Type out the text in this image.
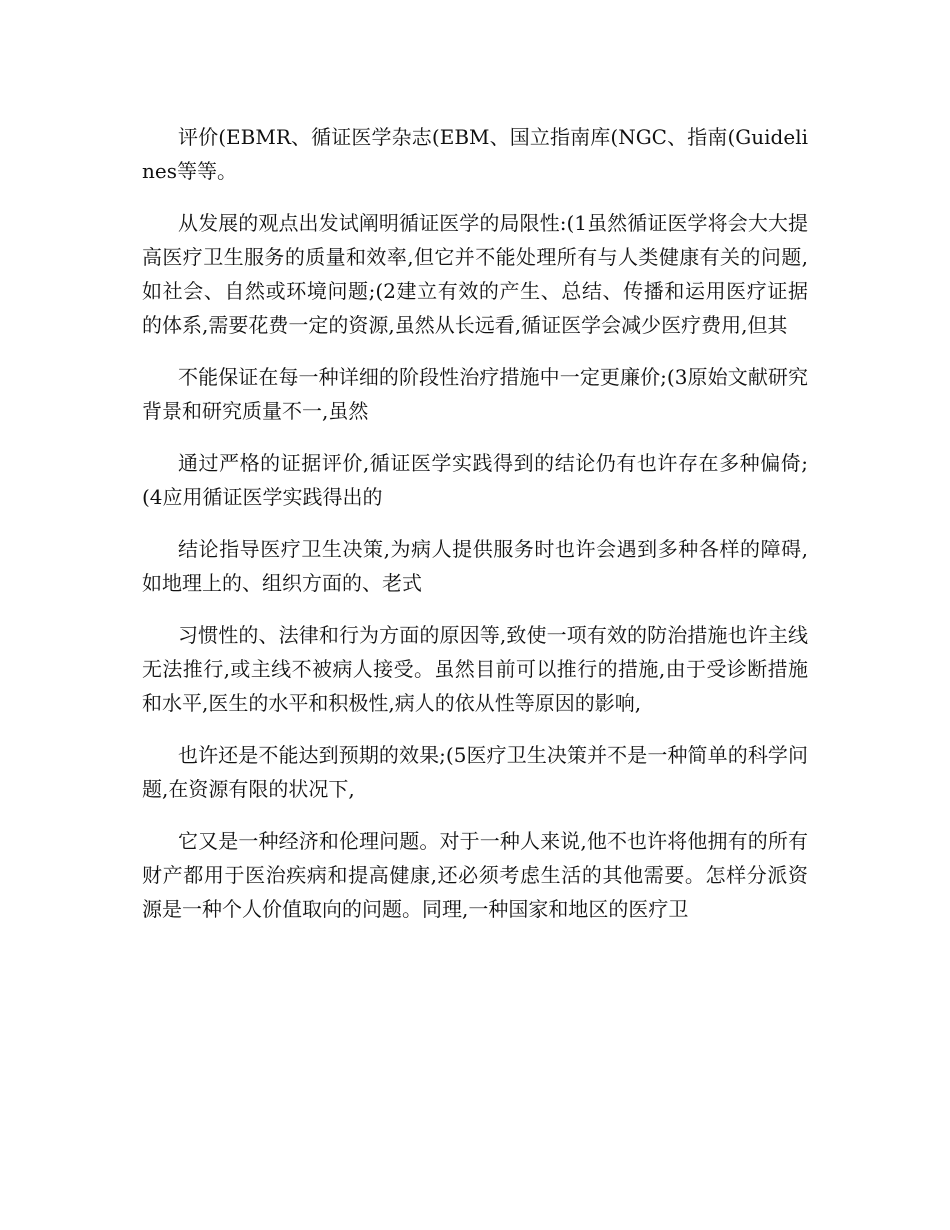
评价(EBMR、循证医学杂志(EBM、国立指南库(NGC、指南(Guidelines等等。

从发展的观点出发试阐明循证医学的局限性:(1虽然循证医学将会大大提高医疗卫生服务的质量和效率,但它并不能处理所有与人类健康有关的问题,如社会、自然或环境问题;(2建立有效的产生、总结、传播和运用医疗证据的体系,需要花费一定的资源,虽然从长远看,循证医学会减少医疗费用,但其

不能保证在每一种详细的阶段性治疗措施中一定更廉价;(3原始文献研究背景和研究质量不一,虽然

通过严格的证据评价,循证医学实践得到的结论仍有也许存在多种偏倚;(4应用循证医学实践得出的

结论指导医疗卫生决策,为病人提供服务时也许会遇到多种各样的障碍,如地理上的、组织方面的、老式

习惯性的、法律和行为方面的原因等,致使一项有效的防治措施也许主线无法推行,或主线不被病人接受。虽然目前可以推行的措施,由于受诊断措施和水平,医生的水平和积极性,病人的依从性等原因的影响,

也许还是不能达到预期的效果;(5医疗卫生决策并不是一种简单的科学问题,在资源有限的状况下,

它又是一种经济和伦理问题。对于一种人来说,他不也许将他拥有的所有财产都用于医治疾病和提高健康,还必须考虑生活的其他需要。怎样分派资源是一种个人价值取向的问题。同理,一种国家和地区的医疗卫
